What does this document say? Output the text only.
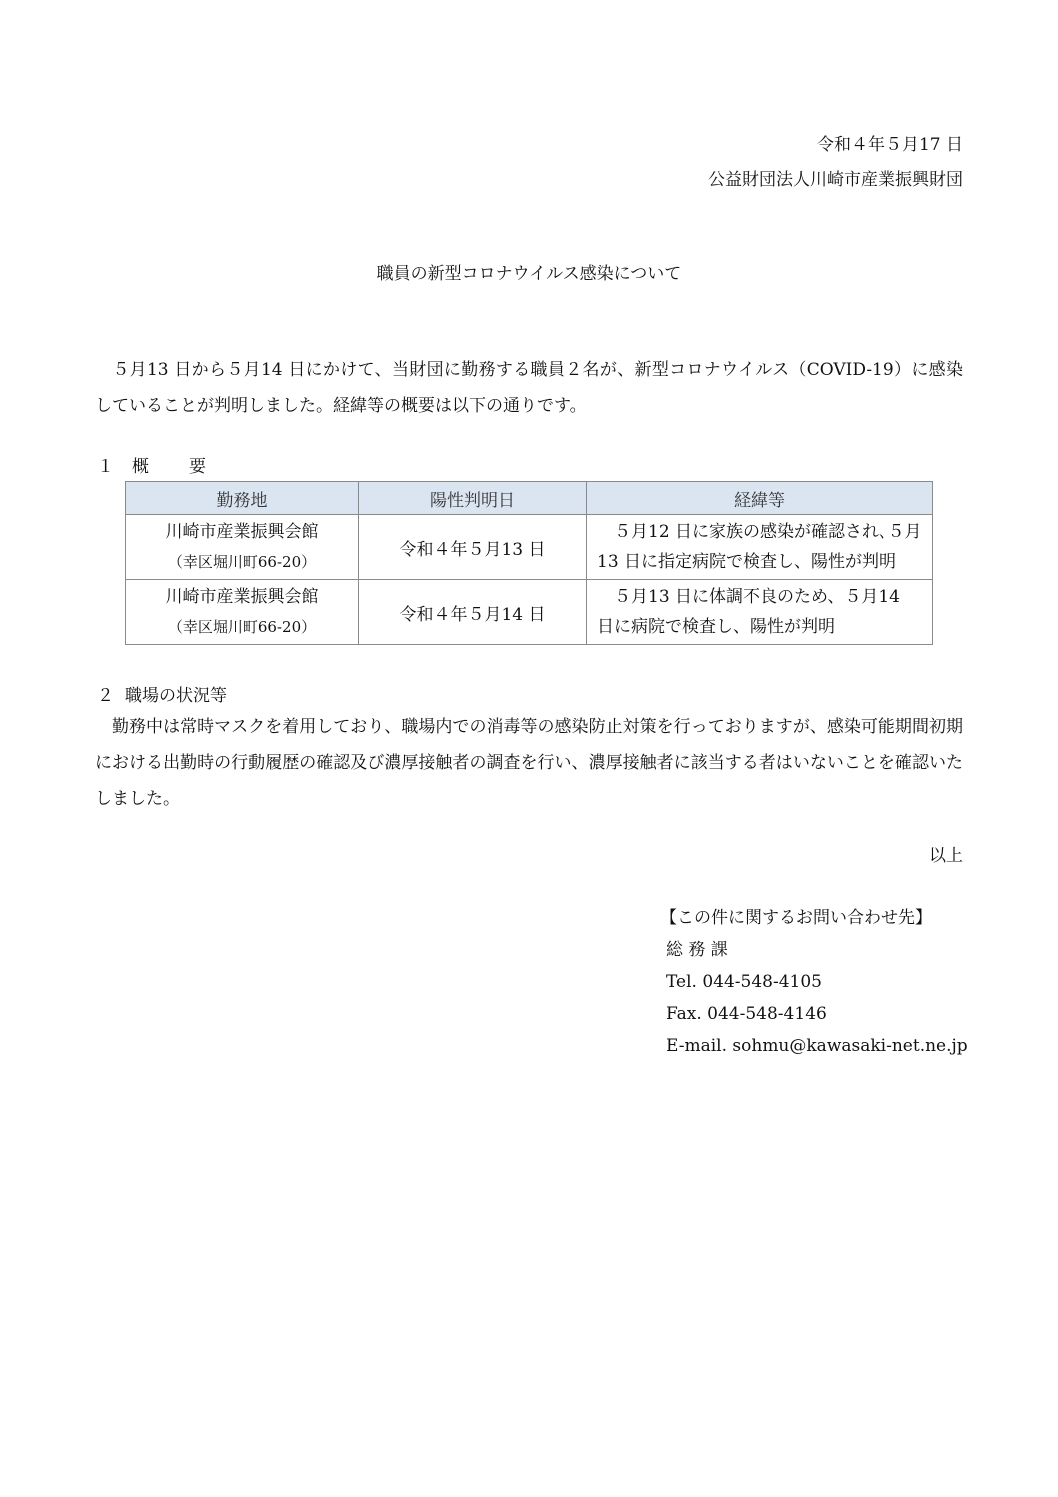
令和４年５月17 日
公益財団法人川崎市産業振興財団
職員の新型コロナウイルス感染について
５月13 日から５月14 日にかけて、当財団に勤務する職員２名が、新型コロナウイルス（COVID-19）に感染していることが判明しました。経緯等の概要は以下の通りです。
１ 概要
勤務地	陽性判明日	経緯等

川崎市産業振興会館
（幸区堀川町66-20）	令和４年５月13 日	５月12 日に家族の感染が確認され､５月13 日に指定病院で検査し、陽性が判明

川崎市産業振興会館
（幸区堀川町66-20）	令和４年５月14 日	５月13 日に体調不良のため、５月14 日に病院で検査し、陽性が判明
２ 職場の状況等
勤務中は常時マスクを着用しており、職場内での消毒等の感染防止対策を行っておりますが、感染可能期間初期における出勤時の行動履歴の確認及び濃厚接触者の調査を行い、濃厚接触者に該当する者はいないことを確認いたしました。
以上
【この件に関するお問い合わせ先】
総 務 課
Tel. 044-548-4105
Fax. 044-548-4146
E-mail. sohmu@kawasaki-net.ne.jp
